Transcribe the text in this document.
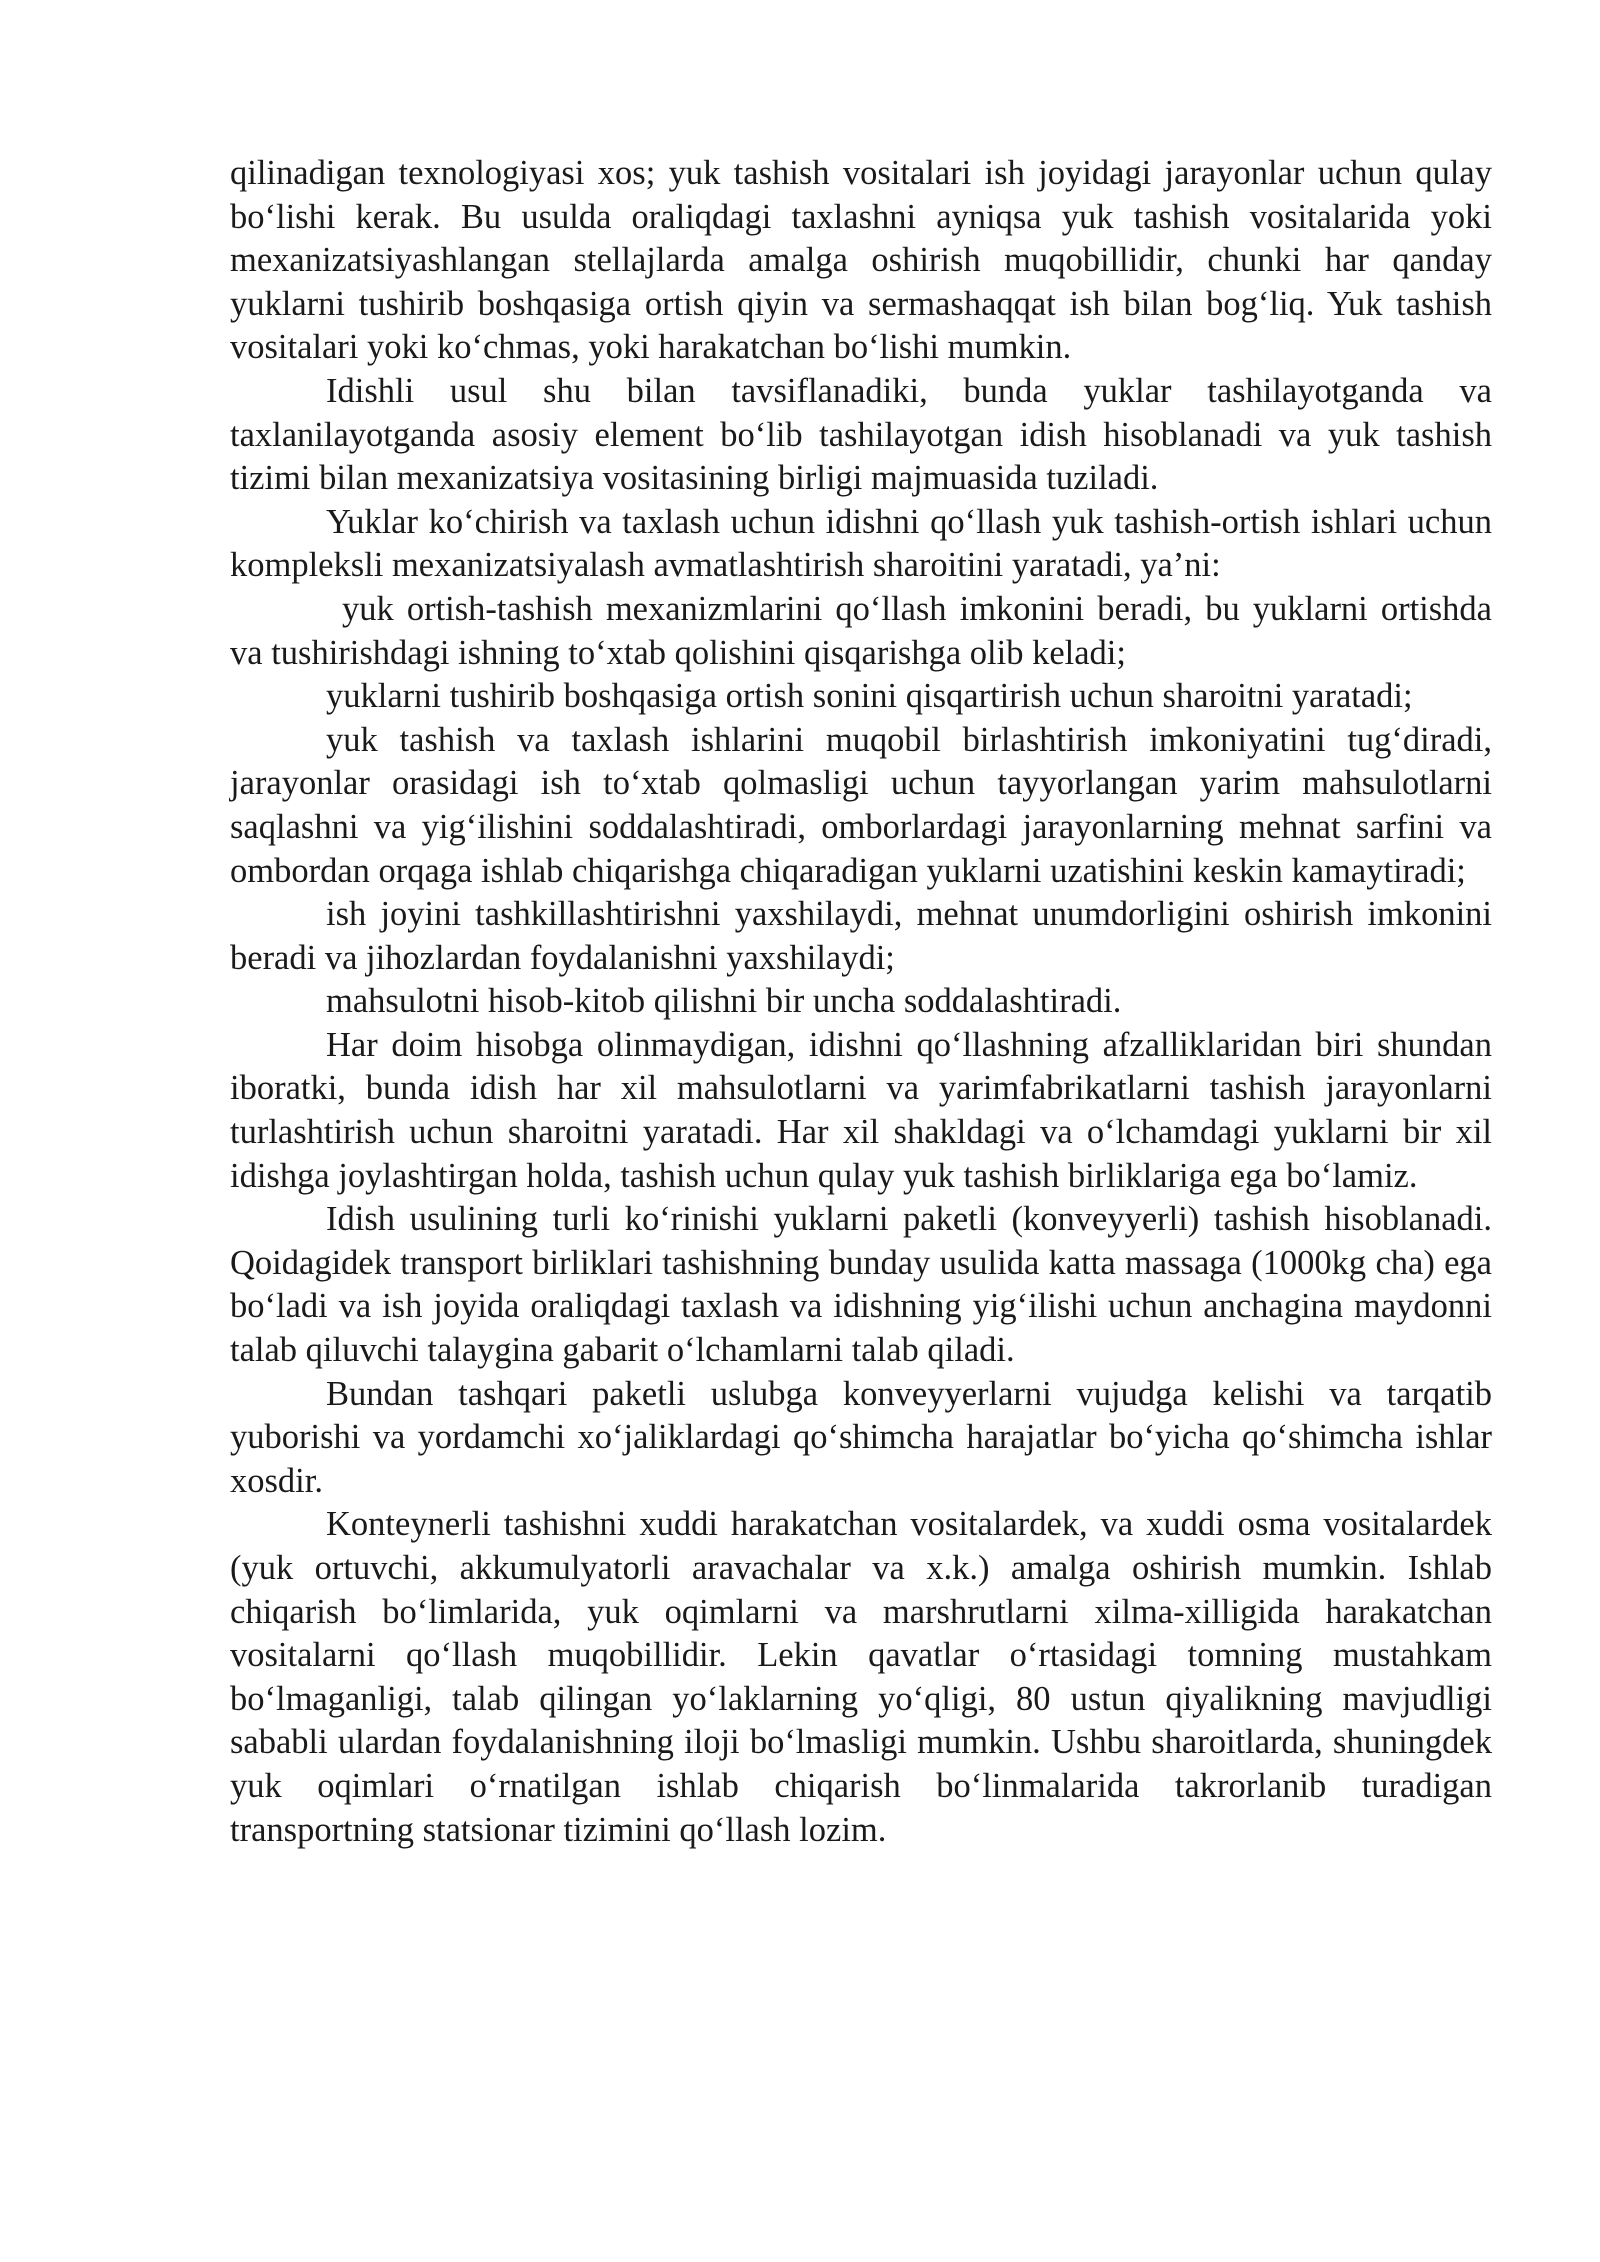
qilinadigan texnologiyasi xos; yuk tashish vositalari ish joyidagi jarayonlar uchun qulay bo‘lishi kerak. Bu usulda oraliqdagi taxlashni ayniqsa yuk tashish vositalarida yoki mexanizatsiyashlangan stellajlarda amalga oshirish muqobillidir, chunki har qanday yuklarni tushirib boshqasiga ortish qiyin va sermashaqqat ish bilan bog‘liq. Yuk tashish vositalari yoki ko‘chmas, yoki harakatchan bo‘lishi mumkin.

Idishli usul shu bilan tavsiflanadiki, bunda yuklar tashilayotganda va taxlanilayotganda asosiy element bo‘lib tashilayotgan idish hisoblanadi va yuk tashish tizimi bilan mexanizatsiya vositasining birligi majmuasida tuziladi.

Yuklar ko‘chirish va taxlash uchun idishni qo‘llash yuk tashish-ortish ishlari uchun kompleksli mexanizatsiyalash avmatlashtirish sharoitini yaratadi, ya’ni:

yuk ortish-tashish mexanizmlarini qo‘llash imkonini beradi, bu yuklarni ortishda va tushirishdagi ishning to‘xtab qolishini qisqarishga olib keladi;

yuklarni tushirib boshqasiga ortish sonini qisqartirish uchun sharoitni yaratadi;

yuk tashish va taxlash ishlarini muqobil birlashtirish imkoniyatini tug‘diradi, jarayonlar orasidagi ish to‘xtab qolmasligi uchun tayyorlangan yarim mahsulotlarni saqlashni va yig‘ilishini soddalashtiradi, omborlardagi jarayonlarning mehnat sarfini va ombordan orqaga ishlab chiqarishga chiqaradigan yuklarni uzatishini keskin kamaytiradi;

ish joyini tashkillashtirishni yaxshilaydi, mehnat unumdorligini oshirish imkonini beradi va jihozlardan foydalanishni yaxshilaydi;

mahsulotni hisob-kitob qilishni bir uncha soddalashtiradi.

Har doim hisobga olinmaydigan, idishni qo‘llashning afzalliklaridan biri shundan iboratki, bunda idish har xil mahsulotlarni va yarimfabrikatlarni tashish jarayonlarni turlashtirish uchun sharoitni yaratadi. Har xil shakldagi va o‘lchamdagi yuklarni bir xil idishga joylashtirgan holda, tashish uchun qulay yuk tashish birliklariga ega bo‘lamiz.

Idish usulining turli ko‘rinishi yuklarni paketli (konveyyerli) tashish hisoblanadi. Qoidagidek transport birliklari tashishning bunday usulida katta massaga (1000kg cha) ega bo‘ladi va ish joyida oraliqdagi taxlash va idishning yig‘ilishi uchun anchagina maydonni talab qiluvchi talaygina gabarit o‘lchamlarni talab qiladi.

Bundan tashqari paketli uslubga konveyyerlarni vujudga kelishi va tarqatib yuborishi va yordamchi xo‘jaliklardagi qo‘shimcha harajatlar bo‘yicha qo‘shimcha ishlar xosdir.

Konteynerli tashishni xuddi harakatchan vositalardek, va xuddi osma vositalardek (yuk ortuvchi, akkumulyatorli aravachalar va x.k.) amalga oshirish mumkin. Ishlab chiqarish bo‘limlarida, yuk oqimlarni va marshrutlarni xilma-xilligida harakatchan vositalarni qo‘llash muqobillidir. Lekin qavatlar o‘rtasidagi tomning mustahkam bo‘lmaganligi, talab qilingan yo‘laklarning yo‘qligi, 80 ustun qiyalikning mavjudligi sababli ulardan foydalanishning iloji bo‘lmasligi mumkin. Ushbu sharoitlarda, shuningdek yuk oqimlari o‘rnatilgan ishlab chiqarish bo‘linmalarida takrorlanib turadigan transportning statsionar tizimini qo‘llash lozim.
